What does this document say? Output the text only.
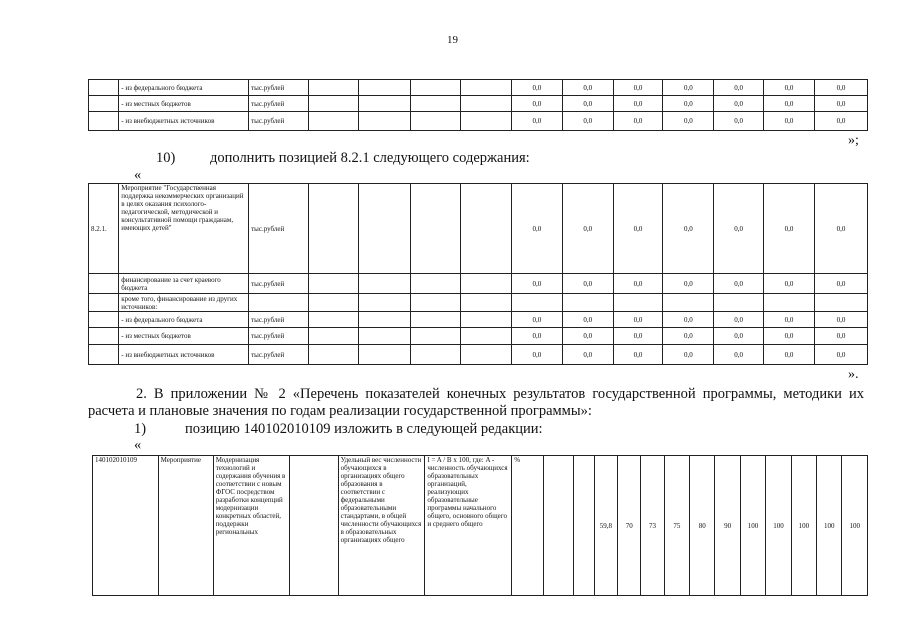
19
	- из федерального бюджета	тыс.рублей					0,0	0,0	0,0	0,0	0,0	0,0	0,0
	- из местных бюджетов	тыс.рублей					0,0	0,0	0,0	0,0	0,0	0,0	0,0
	- из внебюджетных источников	тыс.рублей					0,0	0,0	0,0	0,0	0,0	0,0	0,0
»;
10) дополнить позицией 8.2.1 следующего содержания:
«
8.2.1.	Мероприятие "Государственная поддержка некоммерческих организаций в целях оказания психолого-педагогической, методической и консультативной помощи гражданам, имеющих детей"	тыс.рублей					0,0	0,0	0,0	0,0	0,0	0,0	0,0
	финансирование за счет краевого бюджета	тыс.рублей					0,0	0,0	0,0	0,0	0,0	0,0	0,0
	кроме того, финансирование из других источников:												
	- из федерального бюджета	тыс.рублей					0,0	0,0	0,0	0,0	0,0	0,0	0,0
	- из местных бюджетов	тыс.рублей					0,0	0,0	0,0	0,0	0,0	0,0	0,0
	- из внебюджетных источников	тыс.рублей					0,0	0,0	0,0	0,0	0,0	0,0	0,0
».
2. В приложении № 2 «Перечень показателей конечных результатов государственной программы, методики их расчета и плановые значения по годам реализации государственной программы»:
1)	позицию 140102010109 изложить в следующей редакции:
«
140102010109	Мероприятие	Модернизация технологий и содержания обучения в соответствии с новым ФГОС посредством разработки концепций модернизации конкретных областей, поддержки региональных		Удельный вес численности обучающихся в организациях общего образования в соответствии с федеральными образовательными стандартами, в общей численности обучающихся в образовательных организациях общего	I = A / B x 100, где: A - численность обучающихся образовательных организаций, реализующих образовательные программы начального общего, основного общего и среднего общего	%			59,8	70	73	75	80	90	100	100	100	100	100
